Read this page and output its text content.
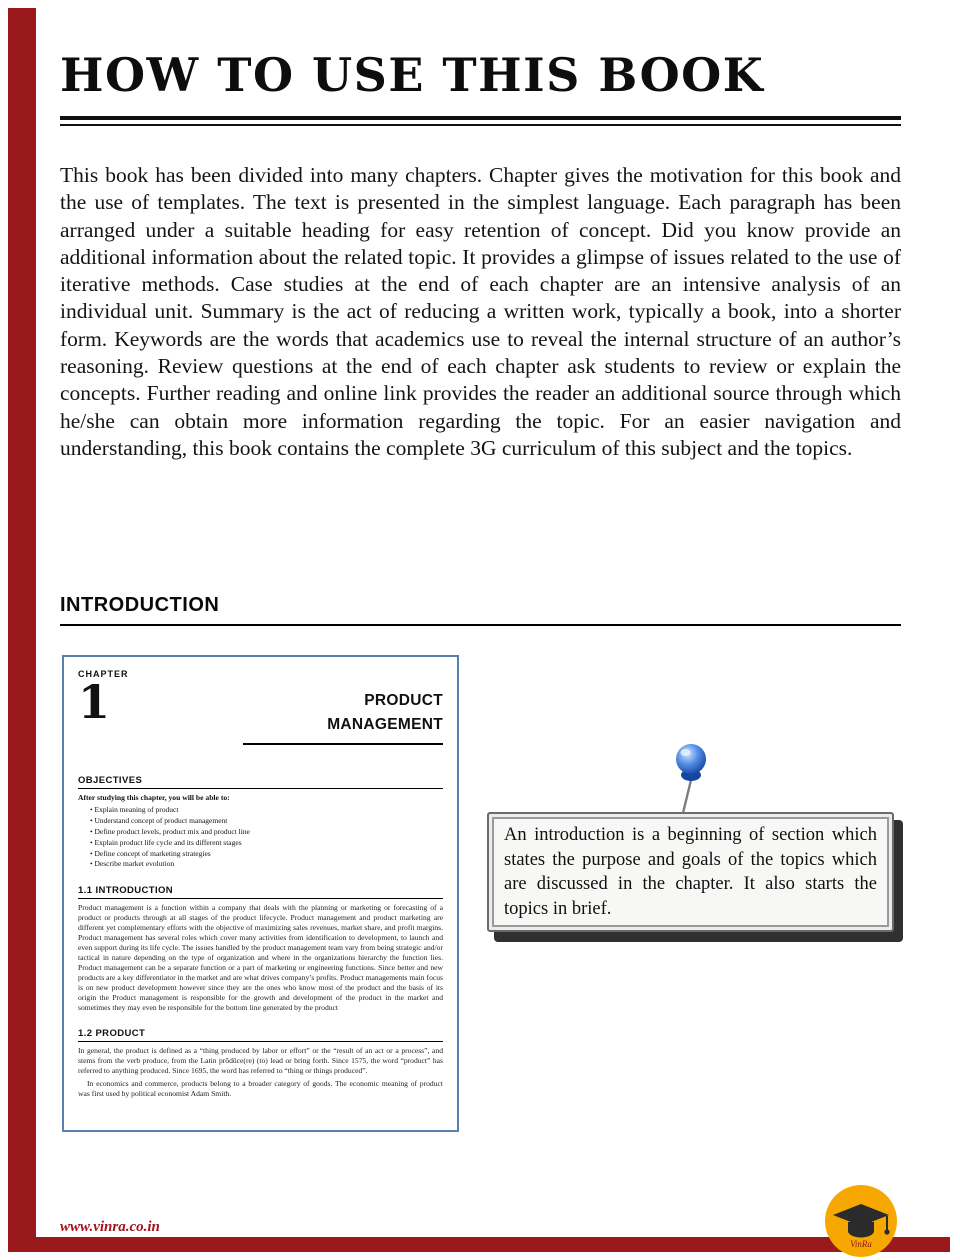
HOW TO USE THIS BOOK

This book has been divided into many chapters. Chapter gives the motivation for this book and the use of templates. The text is presented in the simplest language. Each paragraph has been arranged under a suitable heading for easy retention of concept. Did you know provide an additional information about the related topic. It provides a glimpse of issues related to the use of iterative methods. Case studies at the end of each chapter are an intensive analysis of an individual unit. Summary is the act of reducing a written work, typically a book, into a shorter form. Keywords are the words that academics use to reveal the internal structure of an author’s reasoning. Review questions at the end of each chapter ask students to review or explain the concepts. Further reading and online link provides the reader an additional source through which he/she can obtain more information regarding the topic. For an easier navigation and understanding, this book contains the complete 3G curriculum of this subject and the topics.

INTRODUCTION
CHAPTER
1	PRODUCT
MANAGEMENT
OBJECTIVES
After studying this chapter, you will be able to:
• Explain meaning of product
• Understand concept of product management
• Define product levels, product mix and product line
• Explain product life cycle and its different stages
• Define concept of marketing strategies
• Describe market evolution
1.1 INTRODUCTION

Product management is a function within a company that deals with the planning or marketing or forecasting of a product or products through at all stages of the product lifecycle. Product management and product marketing are different yet complementary efforts with the objective of maximizing sales revenues, market share, and profit margins. Product management has several roles which cover many activities from identification to development, to launch and even support during its life cycle. The issues handled by the product management team vary from being strategic and/or tactical in nature depending on the type of organization and where in the organizations hierarchy the function lies. Product management can be a separate function or a part of marketing or engineering functions. Since better and new products are a key differentiator in the market and are what drives company’s profits. Product managements main focus is on new product development however since they are the ones who know most of the product and the basis of its origin the Product management is responsible for the growth and development of the product in the market and sometimes they may even be responsible for the bottom line generated by the product

1.2 PRODUCT

In general, the product is defined as a “thing produced by labor or effort” or the “result of an act or a process”, and stems from the verb produce, from the Latin prōdūce(re) (to) lead or bring forth. Since 1575, the word “product” has referred to anything produced. Since 1695, the word has referred to “thing or things produced”.

In economics and commerce, products belong to a broader category of goods. The economic meaning of product was first used by political economist Adam Smith.

An introduction is a beginning of section which states the purpose and goals of the topics which are discussed in the chapter. It also starts the topics in brief.

www.vinra.co.in
VinRa
